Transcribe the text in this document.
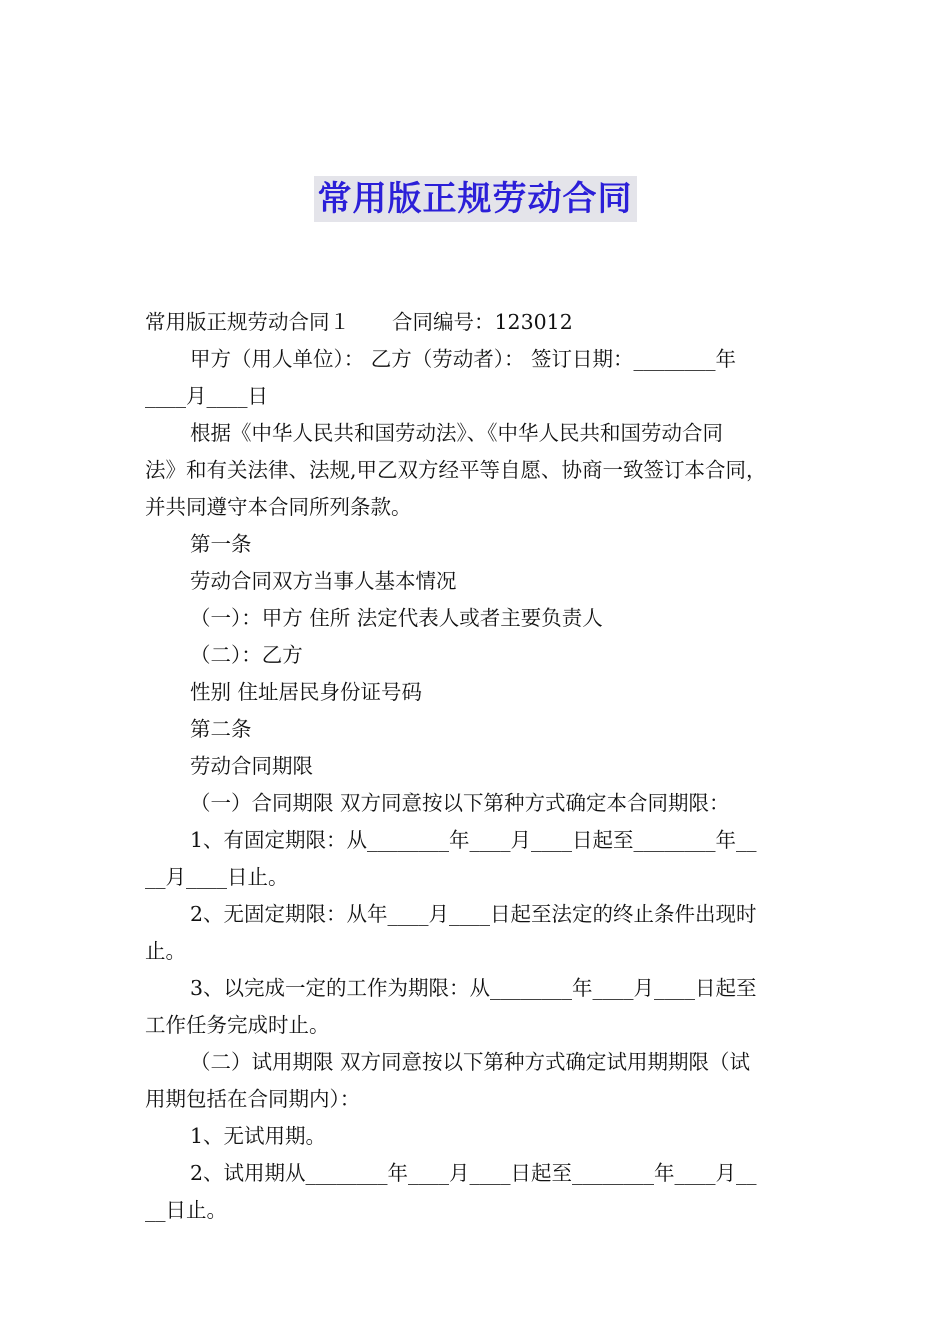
常用版正规劳动合同
常用版正规劳动合同１ 合同编号：123012
甲方（用人单位）： 乙方（劳动者）： 签订日期：________年
____月____日
根据《中华人民共和国劳动法》、《中华人民共和国劳动合同
法》和有关法律、法规,甲乙双方经平等自愿、协商一致签订本合同，
并共同遵守本合同所列条款。
第一条
劳动合同双方当事人基本情况
（一）：甲方 住所 法定代表人或者主要负责人
（二）：乙方
性别 住址居民身份证号码
第二条
劳动合同期限
（一）合同期限 双方同意按以下第种方式确定本合同期限：
1、有固定期限：从________年____月____日起至________年__
__月____日止。
2、无固定期限：从年____月____日起至法定的终止条件出现时
止。
3、以完成一定的工作为期限：从________年____月____日起至
工作任务完成时止。
（二）试用期限 双方同意按以下第种方式确定试用期期限（试
用期包括在合同期内）：
1、无试用期。
2、试用期从________年____月____日起至________年____月__
__日止。
